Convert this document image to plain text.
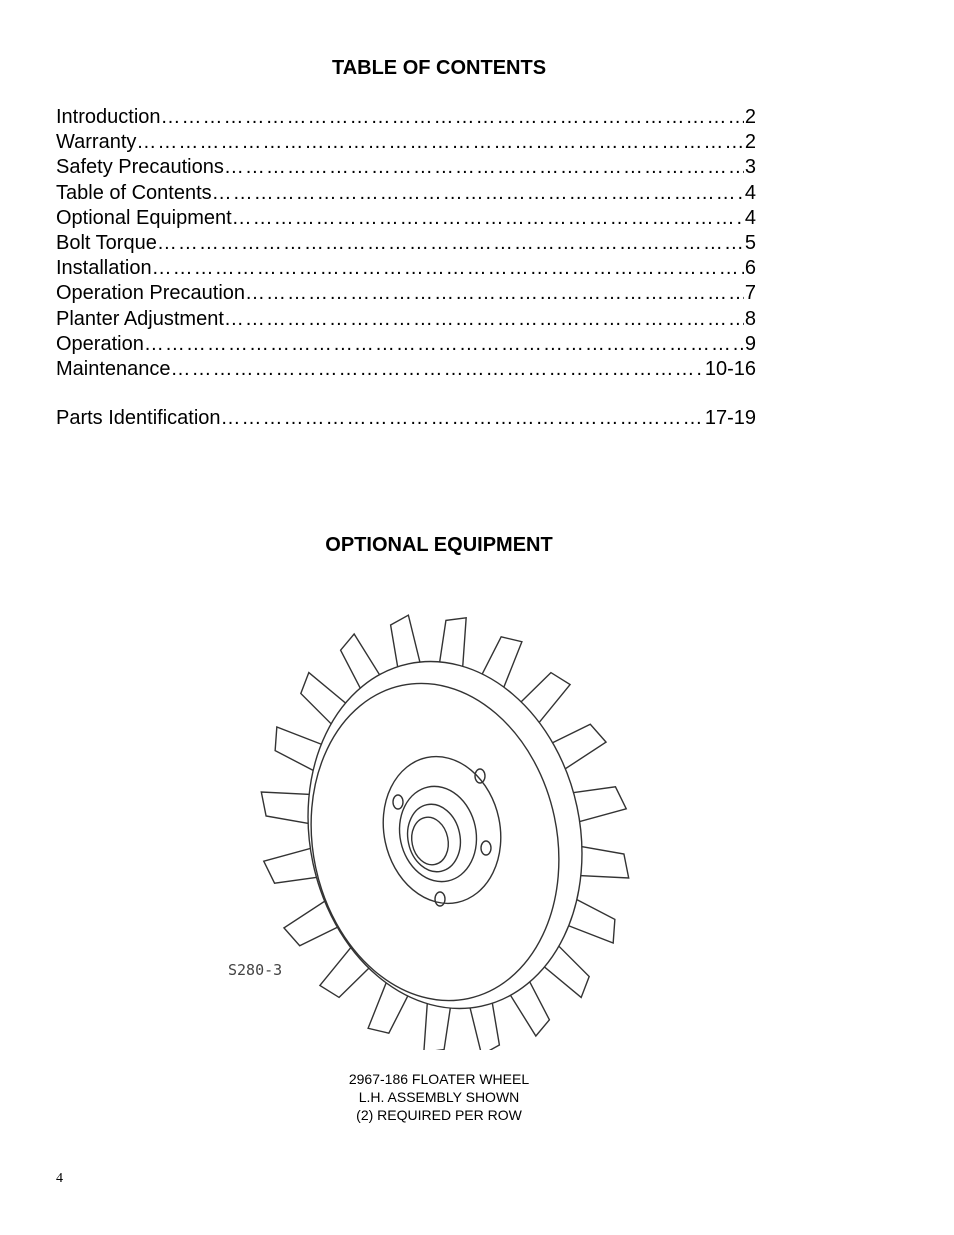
TABLE OF CONTENTS
Introduction ……………………………………………………………………………………………………………………………………………	2
Warranty ……………………………………………………………………………………………………………………………………………	2
Safety Precautions ……………………………………………………………………………………………………………………………………………	3
Table of Contents ……………………………………………………………………………………………………………………………………………	4
Optional Equipment ……………………………………………………………………………………………………………………………………………	4
Bolt Torque ……………………………………………………………………………………………………………………………………………	5
Installation ……………………………………………………………………………………………………………………………………………	6
Operation Precaution ……………………………………………………………………………………………………………………………………………	7
Planter Adjustment ……………………………………………………………………………………………………………………………………………	8
Operation ……………………………………………………………………………………………………………………………………………	9
Maintenance ……………………………………………………………………………………………………………………………………………	10-16
Parts Identification ……………………………………………………………………………………………………………………………………………	17-19
OPTIONAL EQUIPMENT
S280-3
2967-186 FLOATER WHEEL
L.H. ASSEMBLY SHOWN
(2) REQUIRED PER ROW
4
